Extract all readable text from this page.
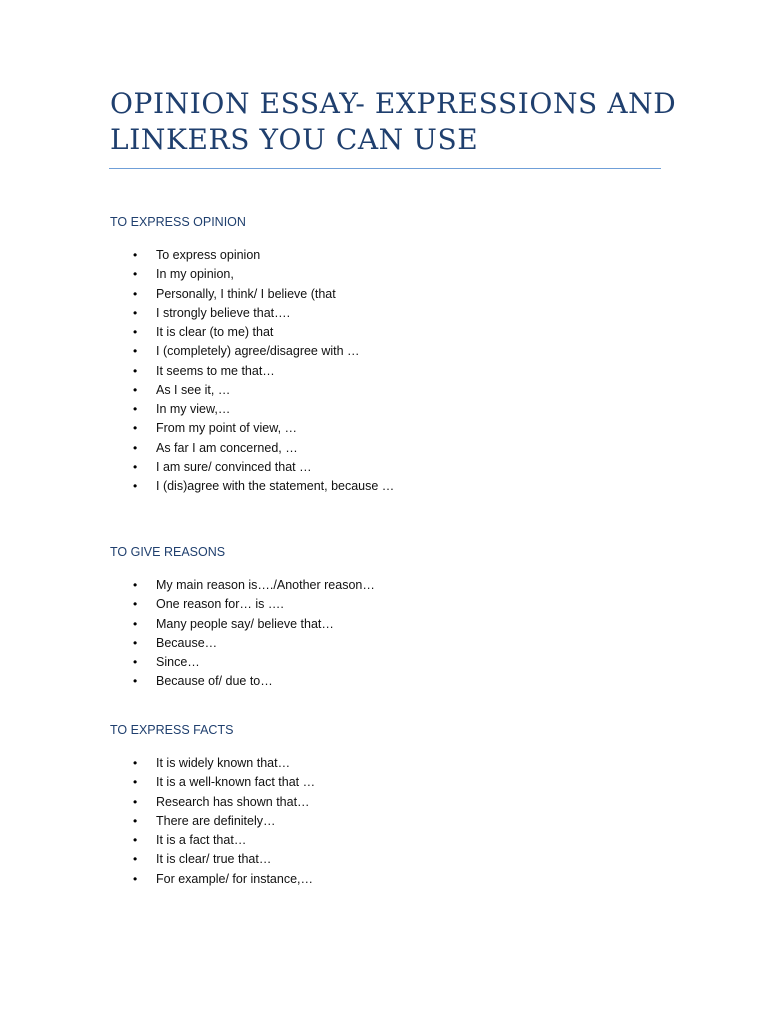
OPINION ESSAY- EXPRESSIONS AND
LINKERS YOU CAN USE
TO EXPRESS OPINION
• To express opinion
• In my opinion,
• Personally, I think/ I believe (that
• I strongly believe that….
• It is clear (to me) that
• I (completely) agree/disagree with …
• It seems to me that…
• As I see it, …
• In my view,…
• From my point of view, …
• As far I am concerned, …
• I am sure/ convinced that …
• I (dis)agree with the statement, because …
TO GIVE REASONS
• My main reason is…./Another reason…
• One reason for… is ….
• Many people say/ believe that…
• Because…
• Since…
• Because of/ due to…
TO EXPRESS FACTS
• It is widely known that…
• It is a well-known fact that …
• Research has shown that…
• There are definitely…
• It is a fact that…
• It is clear/ true that…
• For example/ for instance,…
